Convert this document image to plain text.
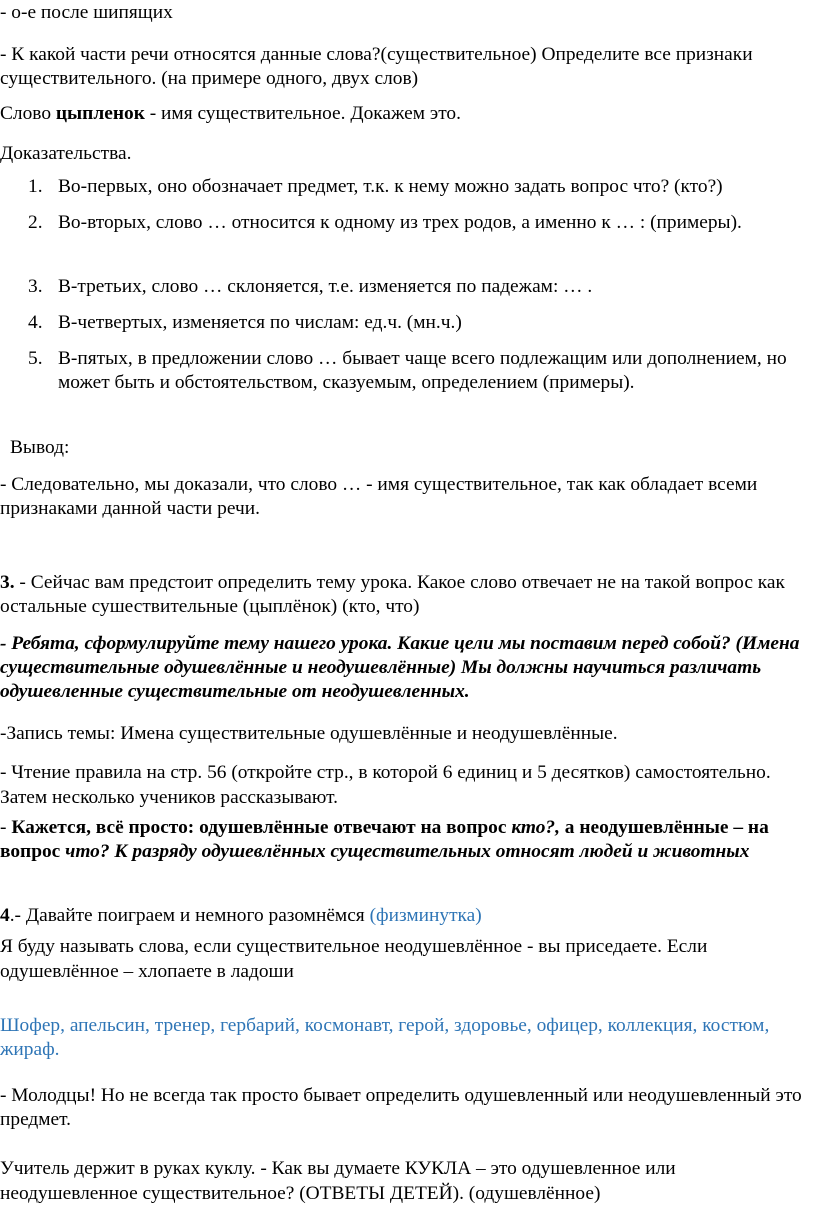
- о-е после шипящих

- К какой части речи относятся данные слова?(существительное) Определите все признаки существительного. (на примере одного, двух слов)

Слово цыпленок - имя существительное. Докажем это.

Доказательства.

1. Во-первых, оно обозначает предмет, т.к. к нему можно задать вопрос что? (кто?)
2. Во-вторых, слово … относится к одному из трех родов, а именно к … : (примеры).
3. В-третьих, слово … склоняется, т.е. изменяется по падежам: … .
4. В-четвертых, изменяется по числам: ед.ч. (мн.ч.)
5. В-пятых, в предложении слово … бывает чаще всего подлежащим или дополнением, но может быть и обстоятельством, сказуемым, определением (примеры).

Вывод:

- Следовательно, мы доказали, что слово … - имя существительное, так как обладает всеми признаками данной части речи.

3. - Сейчас вам предстоит определить тему урока. Какое слово отвечает не на такой вопрос как остальные сушествительные (цыплёнок) (кто, что)

- Ребята, сформулируйте тему нашего урока. Какие цели мы поставим перед собой? (Имена существительные одушевлённые и неодушевлённые) Мы должны научиться различать одушевленные существительные от неодушевленных.

-Запись темы: Имена существительные одушевлённые и неодушевлённые.

- Чтение правила на стр. 56 (откройте стр., в которой 6 единиц и 5 десятков) самостоятельно. Затем несколько учеников рассказывают.

- Кажется, всё просто: одушевлённые отвечают на вопрос кто?, а неодушевлённые – на вопрос что? К разряду одушевлённых существительных относят людей и животных

4.- Давайте поиграем и немного разомнёмся (физминутка)

Я буду называть слова, если существительное неодушевлённое - вы приседаете. Если одушевлённое – хлопаете в ладоши

Шофер, апельсин, тренер, гербарий, космонавт, герой, здоровье, офицер, коллекция, костюм, жираф.

- Молодцы! Но не всегда так просто бывает определить одушевленный или неодушевленный это предмет.

Учитель держит в руках куклу. - Как вы думаете КУКЛА – это одушевленное или неодушевленное существительное? (ОТВЕТЫ ДЕТЕЙ). (одушевлённое)
